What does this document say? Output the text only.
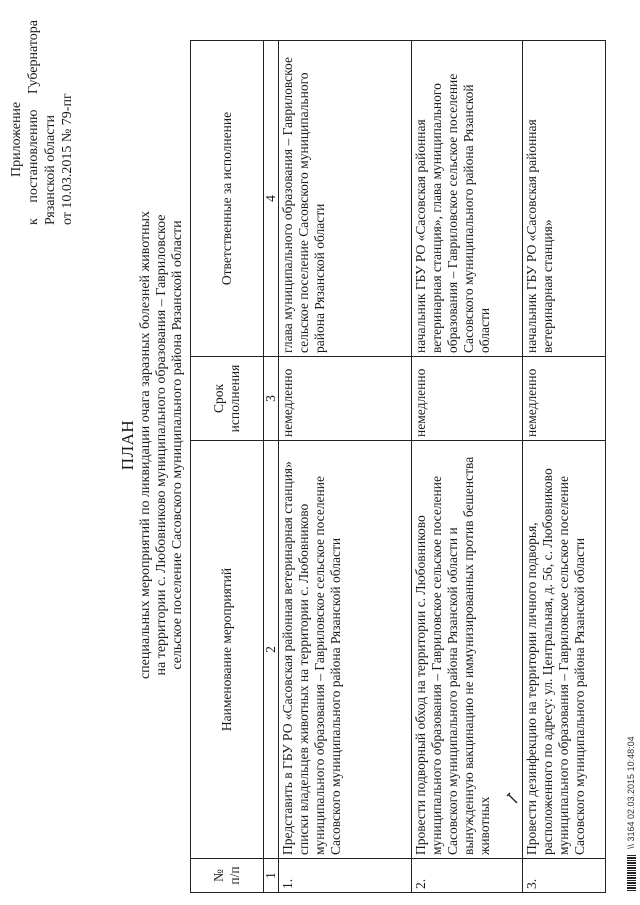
Приложение
к
постановлению
Губернатора
Рязанской области от 10.03.2015 № 79-пг
ПЛАН специальных мероприятий по ликвидации очага заразных болезней животных на территории с. Любовниково муниципального образования – Гавриловское сельское поселение Сасовского муниципального района Рязанской области
№ п/п	Наименование мероприятий	Срок исполнения	Ответственные за исполнение
1	2	3	4
1.	Представить в ГБУ РО «Сасовская районная ветеринарная станция» списки владельцев животных на территории с. Любовниково муниципального образования – Гавриловское сельское поселение Сасовского муниципального района Рязанской области	немедленно	глава муниципального образования – Гавриловское сельское поселение Сасовского муниципального района Рязанской области
2.	Провести подворный обход на территории с. Любовниково муниципального образования – Гавриловское сельское поселение Сасовского муниципального района Рязанской области и вынужденную вакцинацию не иммунизированных против бешенства животных	немедленно	начальник ГБУ РО «Сасовская районная ветеринарная станция», глава муниципального образования – Гавриловское сельское поселение Сасовского муниципального района Рязанской области
3.	Провести дезинфекцию на территории личного подворья, расположенного по адресу: ул. Центральная, д. 56, с. Любовниково муниципального образования – Гавриловское сельское поселение Сасовского муниципального района Рязанской области	немедленно	начальник ГБУ РО «Сасовская районная ветеринарная станция»
\\ 3164 02.03.2015 10:48:04
